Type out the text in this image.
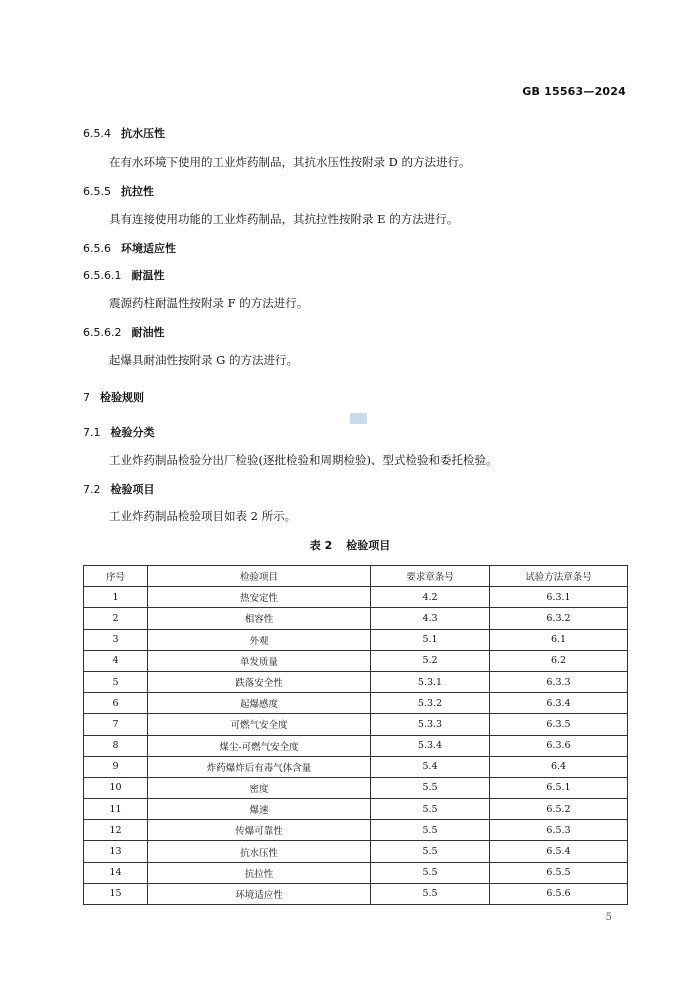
GB 15563—2024
6.5.4 抗水压性
在有水环境下使用的工业炸药制品，其抗水压性按附录 D 的方法进行。
6.5.5 抗拉性
具有连接使用功能的工业炸药制品，其抗拉性按附录 E 的方法进行。
6.5.6 环境适应性
6.5.6.1 耐温性
震源药柱耐温性按附录 F 的方法进行。
6.5.6.2 耐油性
起爆具耐油性按附录 G 的方法进行。
7 检验规则
7.1 检验分类
工业炸药制品检验分出厂检验(逐批检验和周期检验)、型式检验和委托检验。
7.2 检验项目
工业炸药制品检验项目如表 2 所示。
表 2 检验项目
序号	检验项目	要求章条号	试验方法章条号
1	热安定性	4.2	6.3.1
2	相容性	4.3	6.3.2
3	外观	5.1	6.1
4	单发质量	5.2	6.2
5	跌落安全性	5.3.1	6.3.3
6	起爆感度	5.3.2	6.3.4
7	可燃气安全度	5.3.3	6.3.5
8	煤尘-可燃气安全度	5.3.4	6.3.6
9	炸药爆炸后有毒气体含量	5.4	6.4
10	密度	5.5	6.5.1
11	爆速	5.5	6.5.2
12	传爆可靠性	5.5	6.5.3
13	抗水压性	5.5	6.5.4
14	抗拉性	5.5	6.5.5
15	环境适应性	5.5	6.5.6
5
